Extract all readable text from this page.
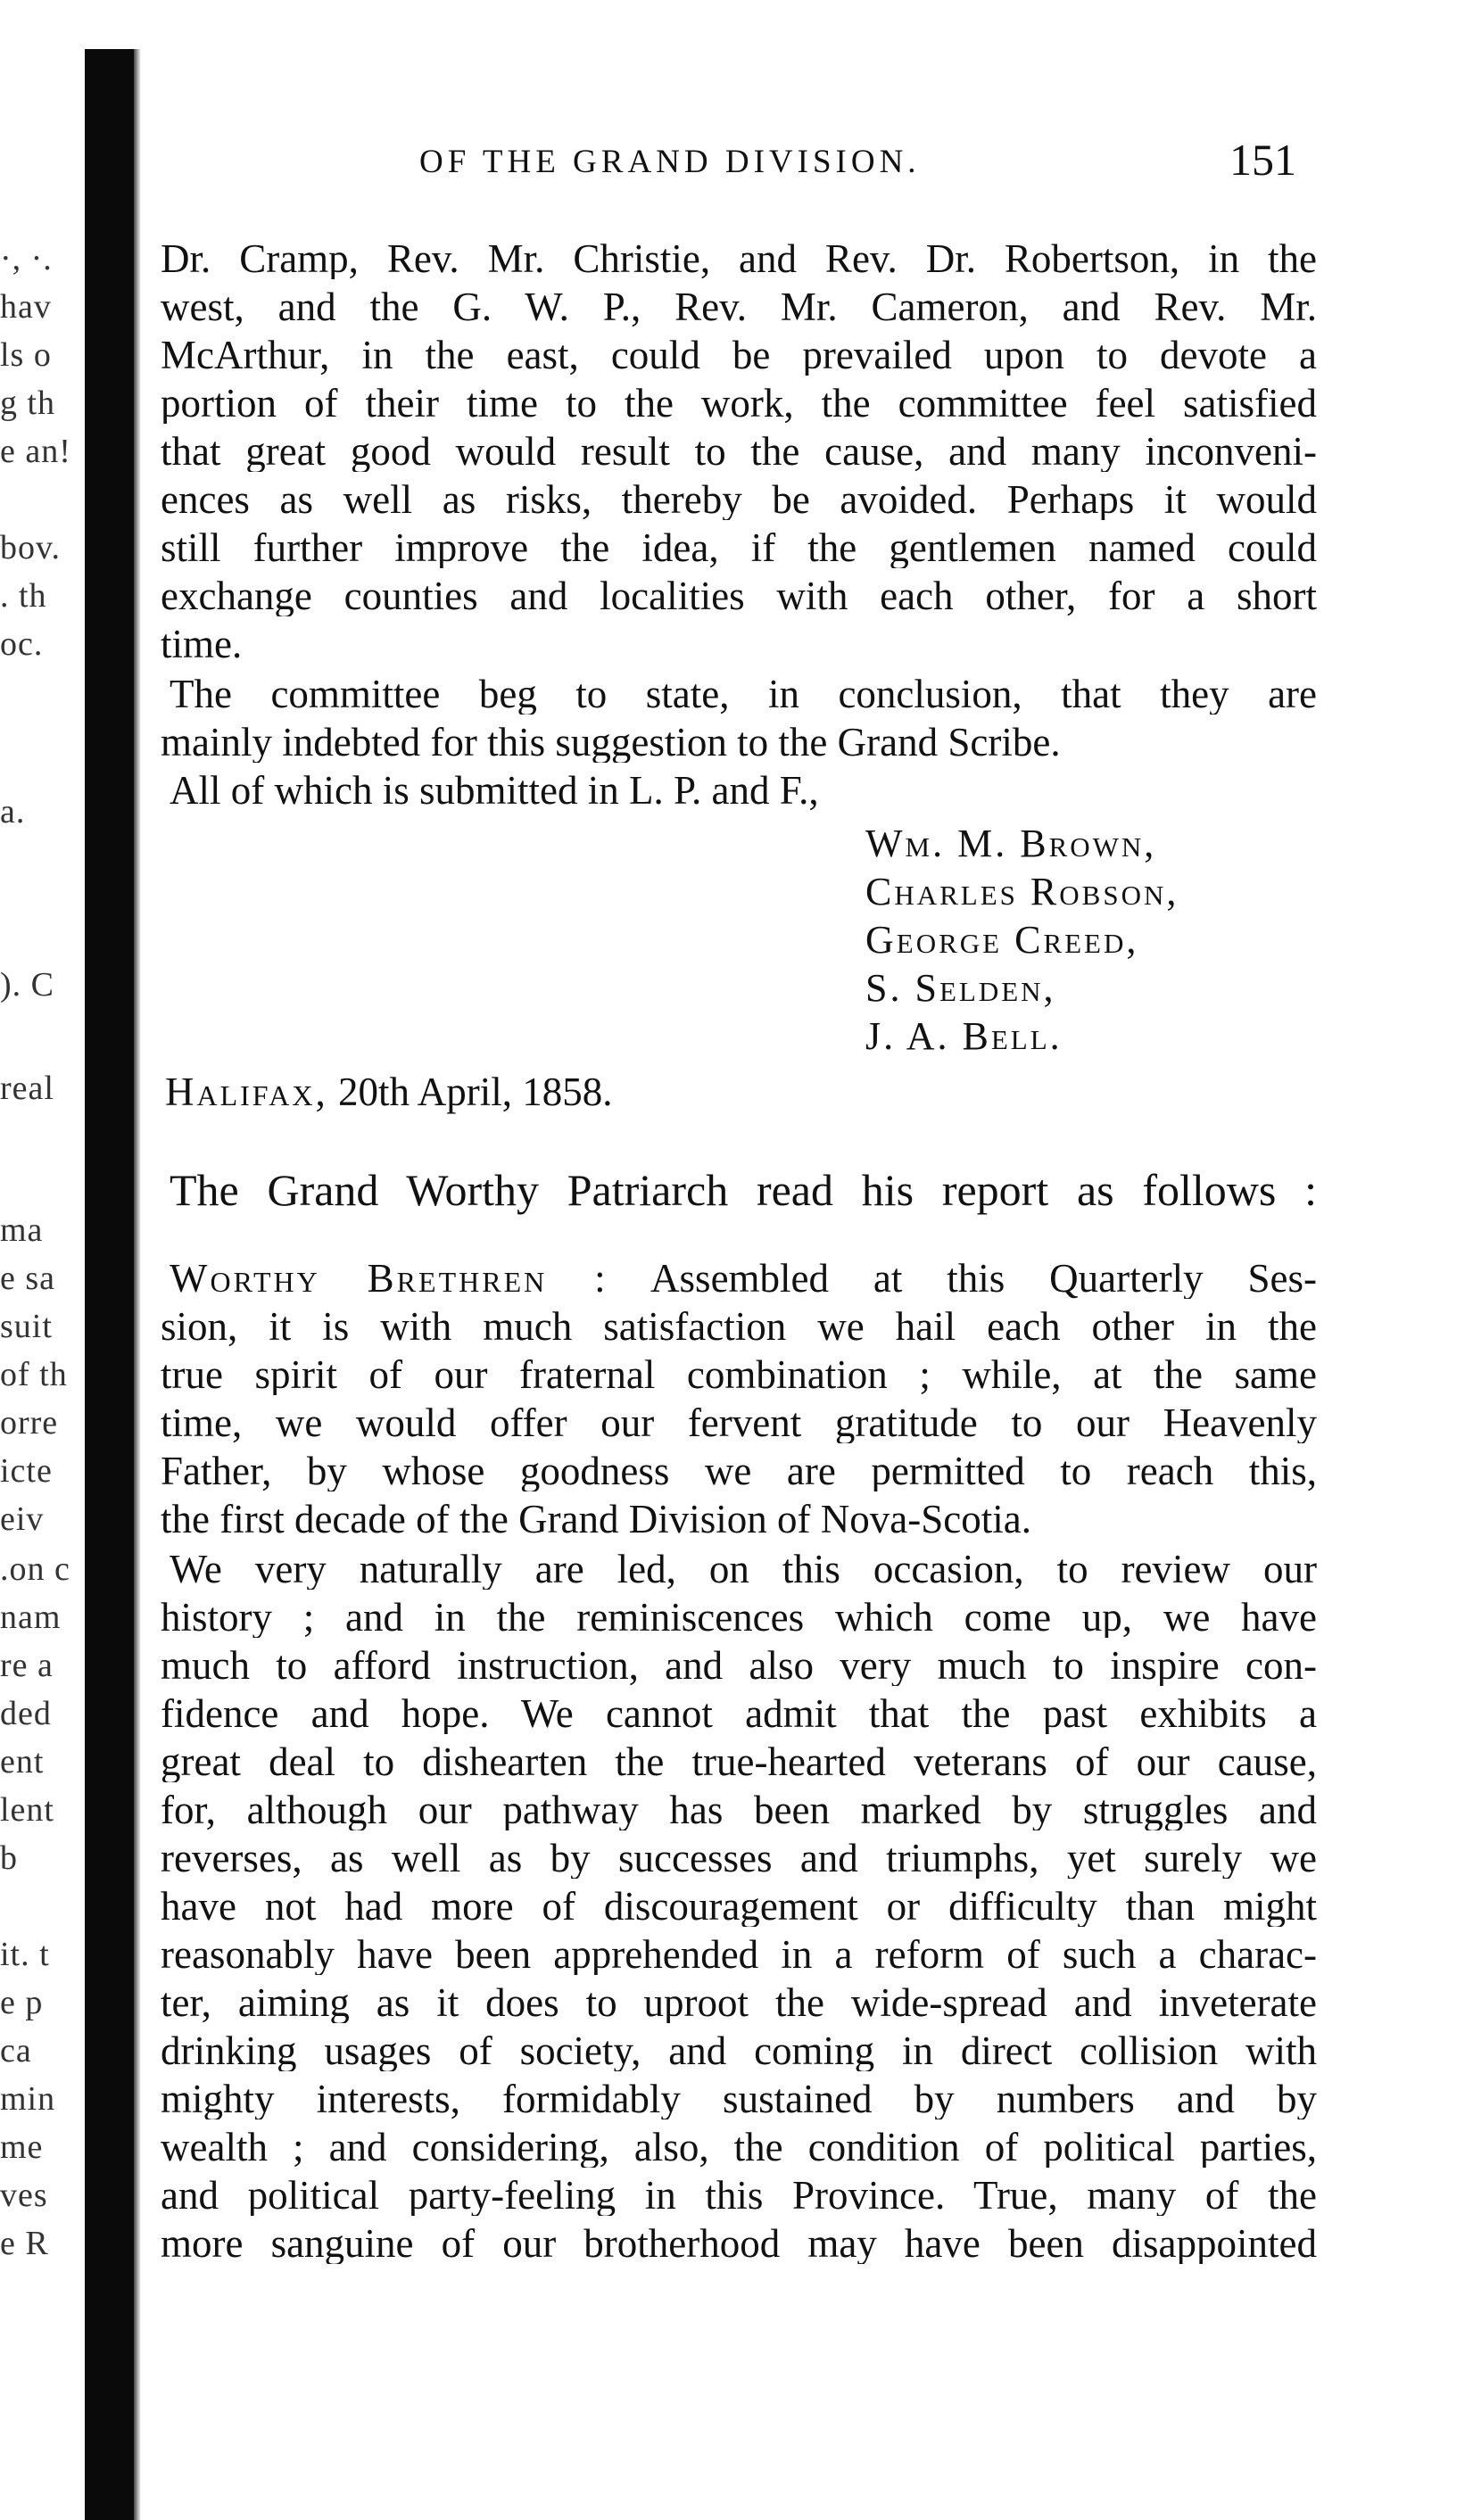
·, ·.
hav
ls o
g th
e an!
bov.
. th
oc.
a.
). C
real
ma
e sa
suit
of th
orre
icte
eiv
.on c
nam
re a
ded
ent
lent
b
it. t
e p
ca
min
me
ves
e R
OF THE GRAND DIVISION.	151
Dr. Cramp, Rev. Mr. Christie, and Rev. Dr. Robertson, in the
west, and the G. W. P., Rev. Mr. Cameron, and Rev. Mr.
McArthur, in the east, could be prevailed upon to devote a
portion of their time to the work, the committee feel satisfied
that great good would result to the cause, and many inconveni-
ences as well as risks, thereby be avoided. Perhaps it would
still further improve the idea, if the gentlemen named could
exchange counties and localities with each other, for a short
time.
The committee beg to state, in conclusion, that they are
mainly indebted for this suggestion to the Grand Scribe.
All of which is submitted in L. P. and F.,
Wm. M. Brown,
Charles Robson,
George Creed,
S. Selden,
J. A. Bell.
Halifax, 20th April, 1858.
The Grand Worthy Patriarch read his report as follows :
Worthy Brethren : Assembled at this Quarterly Ses-
sion, it is with much satisfaction we hail each other in the
true spirit of our fraternal combination ; while, at the same
time, we would offer our fervent gratitude to our Heavenly
Father, by whose goodness we are permitted to reach this,
the first decade of the Grand Division of Nova-Scotia.
We very naturally are led, on this occasion, to review our
history ; and in the reminiscences which come up, we have
much to afford instruction, and also very much to inspire con-
fidence and hope. We cannot admit that the past exhibits a
great deal to dishearten the true-hearted veterans of our cause,
for, although our pathway has been marked by struggles and
reverses, as well as by successes and triumphs, yet surely we
have not had more of discouragement or difficulty than might
reasonably have been apprehended in a reform of such a charac-
ter, aiming as it does to uproot the wide-spread and inveterate
drinking usages of society, and coming in direct collision with
mighty interests, formidably sustained by numbers and by
wealth ; and considering, also, the condition of political parties,
and political party-feeling in this Province. True, many of the
more sanguine of our brotherhood may have been disappointed
